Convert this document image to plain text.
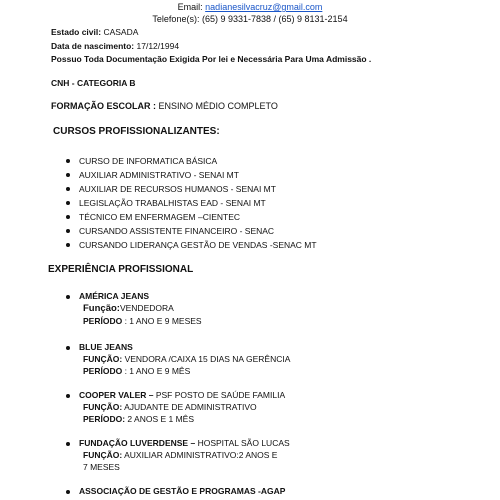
Email: nadianesilvacruz@gmail.com
Telefone(s): (65) 9 9331-7838 / (65) 9 8131-2154
Estado civil: CASADA
Data de nascimento: 17/12/1994
Possuo Toda Documentação Exigida Por lei e Necessária Para Uma Admissão .
CNH - CATEGORIA B
FORMAÇÃO ESCOLAR : ENSINO MÉDIO COMPLETO
CURSOS PROFISSIONALIZANTES:
CURSO DE INFORMATICA BÁSICA
AUXILIAR ADMINISTRATIVO - SENAI MT
AUXILIAR DE RECURSOS HUMANOS - SENAI MT
LEGISLAÇÃO TRABALHISTAS EAD - SENAI MT
TÉCNICO EM ENFERMAGEM –CIENTEC
CURSANDO ASSISTENTE FINANCEIRO - SENAC
CURSANDO LIDERANÇA GESTÃO DE VENDAS -SENAC MT
EXPERIÊNCIA PROFISSIONAL
AMÉRICA JEANS
Função:VENDEDORA
PERÍODO : 1 ANO E 9 MESES
BLUE JEANS
FUNÇÃO: VENDORA /CAIXA 15 DIAS NA GERÊNCIA
PERÍODO : 1 ANO E 9 MÊS
COOPER VALER – PSF POSTO DE SAÚDE FAMILIA
FUNÇÃO: AJUDANTE DE ADMINISTRATIVO
PERÍODO: 2 ANOS E 1 MÊS
FUNDAÇÃO LUVERDENSE – HOSPITAL SÃO LUCAS
FUNÇÃO: AUXILIAR ADMINISTRATIVO:2 ANOS E
7 MESES
ASSOCIAÇÃO DE GESTÃO E PROGRAMAS -AGAP
